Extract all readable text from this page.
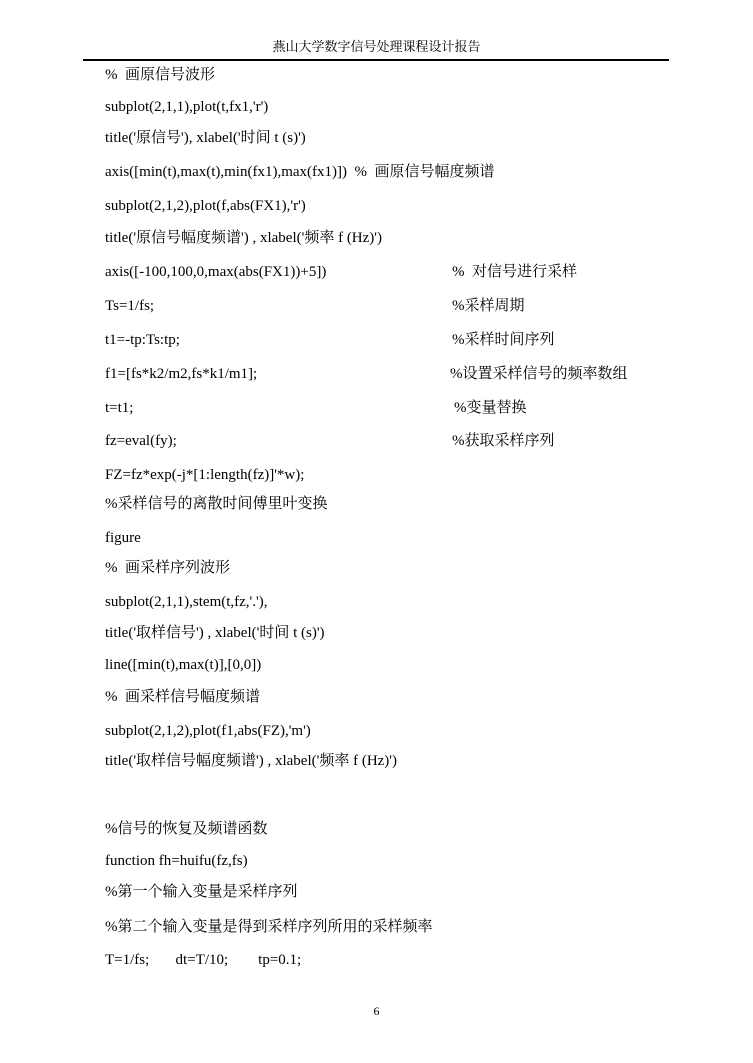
燕山大学数字信号处理课程设计报告
%  画原信号波形
subplot(2,1,1),plot(t,fx1,'r')
title('原信号'), xlabel('时间 t (s)')
axis([min(t),max(t),min(fx1),max(fx1)])  %  画原信号幅度频谱
subplot(2,1,2),plot(f,abs(FX1),'r')
title('原信号幅度频谱') , xlabel('频率 f (Hz)')
axis([-100,100,0,max(abs(FX1))+5])	%  对信号进行采样
Ts=1/fs;	%采样周期
t1=-tp:Ts:tp;	%采样时间序列
f1=[fs*k2/m2,fs*k1/m1];	%设置采样信号的频率数组
t=t1;	%变量替换
fz=eval(fy);	%获取采样序列
FZ=fz*exp(-j*[1:length(fz)]'*w);
%采样信号的离散时间傅里叶变换
figure
%  画采样序列波形
subplot(2,1,1),stem(t,fz,'.'),
title('取样信号') , xlabel('时间 t (s)')
line([min(t),max(t)],[0,0])
%  画采样信号幅度频谱
subplot(2,1,2),plot(f1,abs(FZ),'m')
title('取样信号幅度频谱') , xlabel('频率 f (Hz)')
%信号的恢复及频谱函数
function fh=huifu(fz,fs)
%第一个输入变量是采样序列
%第二个输入变量是得到采样序列所用的采样频率
T=1/fs;       dt=T/10;        tp=0.1;
6
